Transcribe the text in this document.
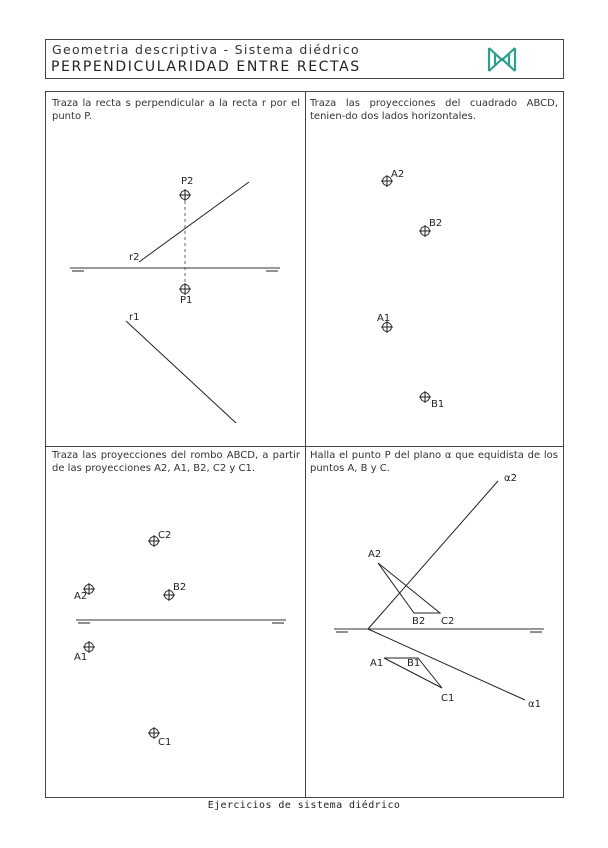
Geometria descriptiva - Sistema diédrico
PERPENDICULARIDAD ENTRE RECTAS
Traza la recta s perpendicular a la recta r por el punto P.
Traza las proyecciones del cuadrado ABCD, tenien-do dos lados horizontales.
Traza las proyecciones del rombo ABCD, a partir de las proyecciones A2, A1, B2, C2 y C1.
Halla el punto P del plano α que equidista de los puntos A, B y C.
P2
P1
r2
r1
A2
B2
A1
B1
C2
A2
B2
A1
C1
α2
A2
B2 C2
A1 B1
C1
α1
Ejercicios de sistema diédrico
